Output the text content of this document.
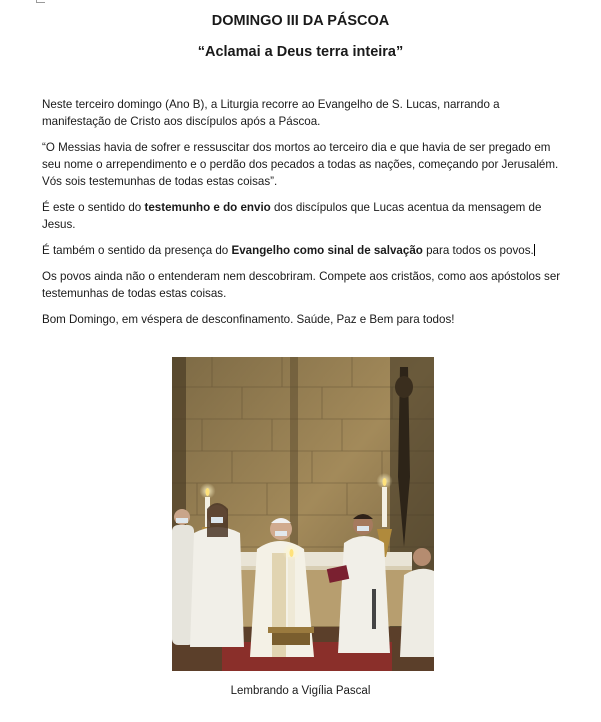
DOMINGO III DA PÁSCOA
“Aclamai a Deus terra inteira”

Neste terceiro domingo (Ano B), a Liturgia recorre ao Evangelho de S. Lucas, narrando a manifestação de Cristo aos discípulos após a Páscoa.

“O Messias havia de sofrer e ressuscitar dos mortos ao terceiro dia e que havia de ser pregado em seu nome o arrependimento e o perdão dos pecados a todas as nações, começando por Jerusalém. Vós sois testemunhas de todas estas coisas”.

É este o sentido do testemunho e do envio dos discípulos que Lucas acentua da mensagem de Jesus.

É também o sentido da presença do Evangelho como sinal de salvação para todos os povos.

Os povos ainda não o entenderam nem descobriram. Compete aos cristãos, como aos apóstolos ser testemunhas de todas estas coisas.

Bom Domingo, em véspera de desconfinamento. Saúde, Paz e Bem para todos!

Lembrando a Vigília Pascal
